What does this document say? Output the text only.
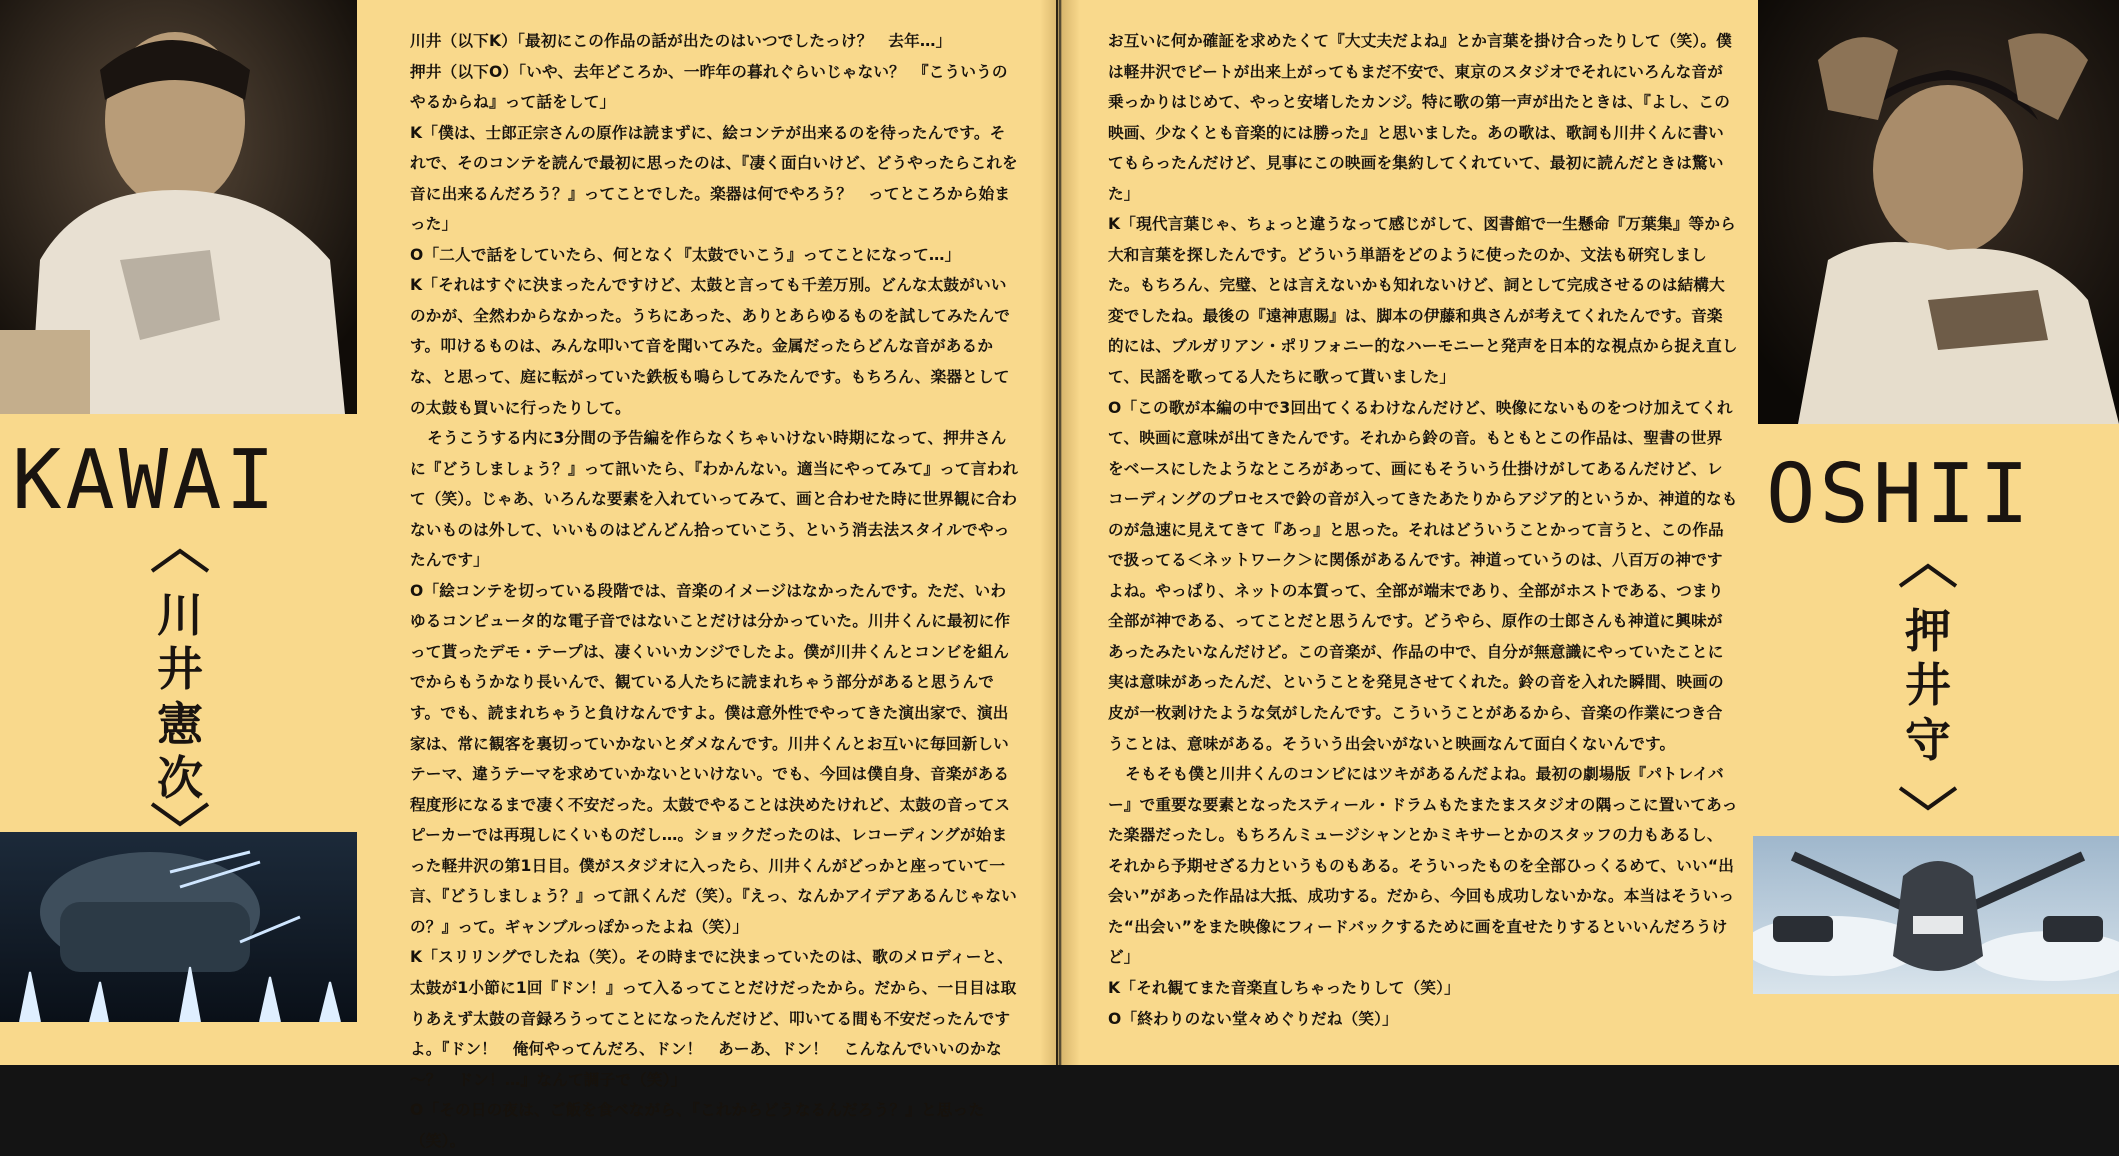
KAWAI
川
井
憲
次

川井（以下K）「最初にこの作品の話が出たのはいつでしたっけ？　去年…」

押井（以下O）「いや、去年どころか、一昨年の暮れぐらいじゃない？　『こういうのやるからね』って話をして」

K「僕は、士郎正宗さんの原作は読まずに、絵コンテが出来るのを待ったんです。それで、そのコンテを読んで最初に思ったのは、『凄く面白いけど、どうやったらこれを音に出来るんだろう？』ってことでした。楽器は何でやろう？　ってところから始まった」

O「二人で話をしていたら、何となく『太鼓でいこう』ってことになって…」

K「それはすぐに決まったんですけど、太鼓と言っても千差万別。どんな太鼓がいいのかが、全然わからなかった。うちにあった、ありとあらゆるものを試してみたんです。叩けるものは、みんな叩いて音を聞いてみた。金属だったらどんな音があるかな、と思って、庭に転がっていた鉄板も鳴らしてみたんです。もちろん、楽器としての太鼓も買いに行ったりして。

そうこうする内に3分間の予告編を作らなくちゃいけない時期になって、押井さんに『どうしましょう？』って訊いたら、『わかんない。適当にやってみて』って言われて（笑）。じゃあ、いろんな要素を入れていってみて、画と合わせた時に世界観に合わないものは外して、いいものはどんどん拾っていこう、という消去法スタイルでやったんです」

O「絵コンテを切っている段階では、音楽のイメージはなかったんです。ただ、いわゆるコンピュータ的な電子音ではないことだけは分かっていた。川井くんに最初に作って貰ったデモ・テープは、凄くいいカンジでしたよ。僕が川井くんとコンビを組んでからもうかなり長いんで、観ている人たちに読まれちゃう部分があると思うんです。でも、読まれちゃうと負けなんですよ。僕は意外性でやってきた演出家で、演出家は、常に観客を裏切っていかないとダメなんです。川井くんとお互いに毎回新しいテーマ、違うテーマを求めていかないといけない。でも、今回は僕自身、音楽がある程度形になるまで凄く不安だった。太鼓でやることは決めたけれど、太鼓の音ってスピーカーでは再現しにくいものだし…。ショックだったのは、レコーディングが始まった軽井沢の第1日目。僕がスタジオに入ったら、川井くんがどっかと座っていて一言、『どうしましょう？』って訊くんだ（笑）。『えっ、なんかアイデアあるんじゃないの？』って。ギャンブルっぽかったよね（笑）」

K「スリリングでしたね（笑）。その時までに決まっていたのは、歌のメロディーと、太鼓が1小節に1回『ドン！』って入るってことだけだったから。だから、一日目は取りあえず太鼓の音録ろうってことになったんだけど、叩いてる間も不安だったんですよ。『ドン！　俺何やってんだろ、ドン！　あーあ、ドン！　こんなんでいいのかな～？　ドン！…』なんて調子で（笑）」

O「その日の夜は、ご飯を食べながら、『これからどうなるんだろう？』と思った（笑）。

お互いに何か確証を求めたくて『大丈夫だよね』とか言葉を掛け合ったりして（笑）。僕は軽井沢でビートが出来上がってもまだ不安で、東京のスタジオでそれにいろんな音が乗っかりはじめて、やっと安堵したカンジ。特に歌の第一声が出たときは、『よし、この映画、少なくとも音楽的には勝った』と思いました。あの歌は、歌詞も川井くんに書いてもらったんだけど、見事にこの映画を集約してくれていて、最初に読んだときは驚いた」

K「現代言葉じゃ、ちょっと違うなって感じがして、図書館で一生懸命『万葉集』等から大和言葉を探したんです。どういう単語をどのように使ったのか、文法も研究しました。もちろん、完璧、とは言えないかも知れないけど、詞として完成させるのは結構大変でしたね。最後の『遠神恵賜』は、脚本の伊藤和典さんが考えてくれたんです。音楽的には、ブルガリアン・ポリフォニー的なハーモニーと発声を日本的な視点から捉え直して、民謡を歌ってる人たちに歌って貰いました」

O「この歌が本編の中で3回出てくるわけなんだけど、映像にないものをつけ加えてくれて、映画に意味が出てきたんです。それから鈴の音。もともとこの作品は、聖書の世界をベースにしたようなところがあって、画にもそういう仕掛けがしてあるんだけど、レコーディングのプロセスで鈴の音が入ってきたあたりからアジア的というか、神道的なものが急速に見えてきて『あっ』と思った。それはどういうことかって言うと、この作品で扱ってる＜ネットワーク＞に関係があるんです。神道っていうのは、八百万の神ですよね。やっぱり、ネットの本質って、全部が端末であり、全部がホストである、つまり全部が神である、ってことだと思うんです。どうやら、原作の士郎さんも神道に興味があったみたいなんだけど。この音楽が、作品の中で、自分が無意識にやっていたことに実は意味があったんだ、ということを発見させてくれた。鈴の音を入れた瞬間、映画の皮が一枚剥けたような気がしたんです。こういうことがあるから、音楽の作業につき合うことは、意味がある。そういう出会いがないと映画なんて面白くないんです。

そもそも僕と川井くんのコンビにはツキがあるんだよね。最初の劇場版『パトレイバー』で重要な要素となったスティール・ドラムもたまたまスタジオの隅っこに置いてあった楽器だったし。もちろんミュージシャンとかミキサーとかのスタッフの力もあるし、それから予期せざる力というものもある。そういったものを全部ひっくるめて、いい“出会い”があった作品は大抵、成功する。だから、今回も成功しないかな。本当はそういった“出会い”をまた映像にフィードバックするために画を直せたりするといいんだろうけど」

K「それ観てまた音楽直しちゃったりして（笑）」

O「終わりのない堂々めぐりだね（笑）」

OSHII
押
井
守
